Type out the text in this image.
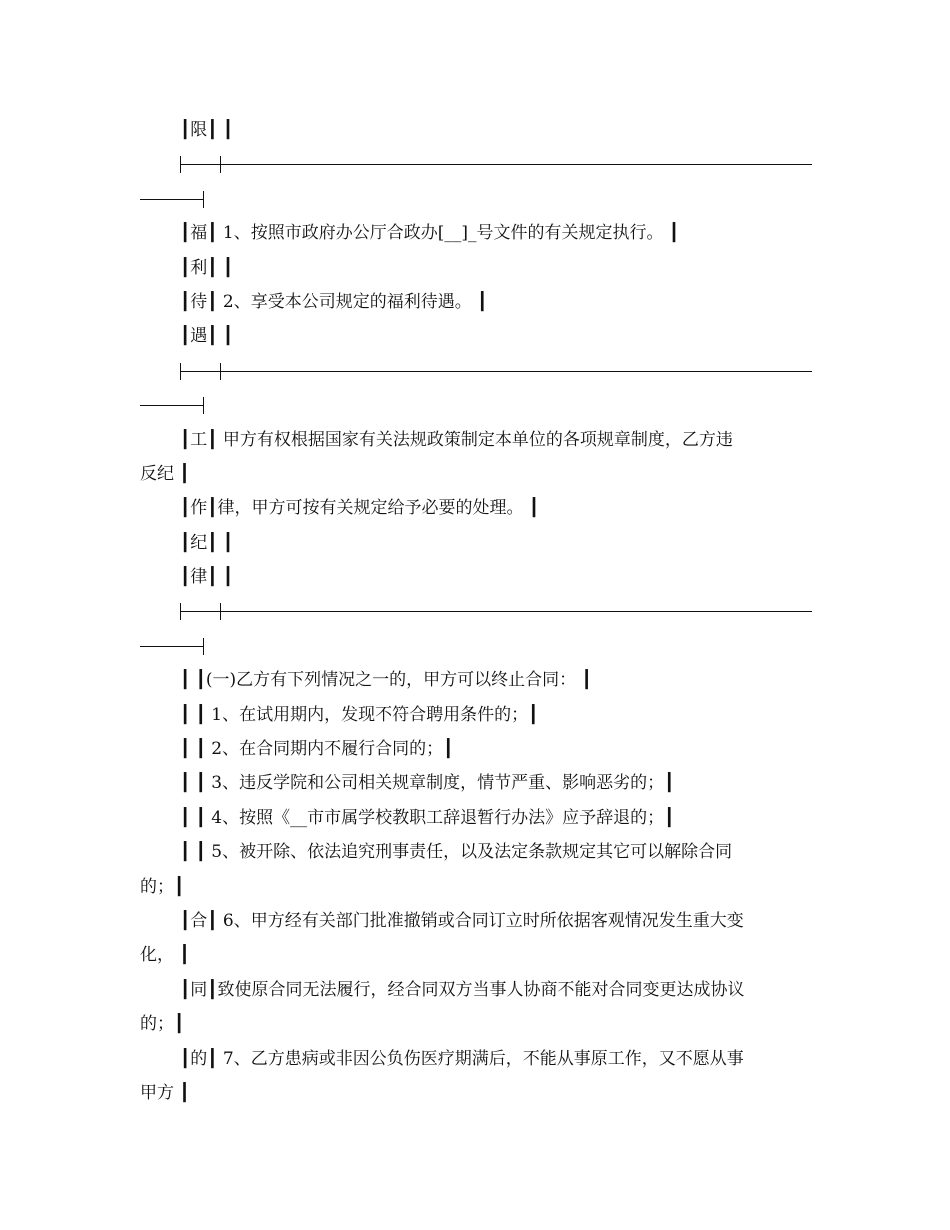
┃限┃ ┃
┃福┃ 1、按照市政府办公厅合政办[__]_号文件的有关规定执行。 ┃
┃利┃ ┃
┃待┃ 2、享受本公司规定的福利待遇。 ┃
┃遇┃ ┃
┃工┃ 甲方有权根据国家有关法规政策制定本单位的各项规章制度，乙方违
反纪 ┃
┃作┃律，甲方可按有关规定给予必要的处理。 ┃
┃纪┃ ┃
┃律┃ ┃
┃ ┃(一)乙方有下列情况之一的，甲方可以终止合同： ┃
┃ ┃ 1、在试用期内，发现不符合聘用条件的；┃
┃ ┃ 2、在合同期内不履行合同的；┃
┃ ┃ 3、违反学院和公司相关规章制度，情节严重、影响恶劣的；┃
┃ ┃ 4、按照《__市市属学校教职工辞退暂行办法》应予辞退的；┃
┃ ┃ 5、被开除、依法追究刑事责任，以及法定条款规定其它可以解除合同
的；┃
┃合┃ 6、甲方经有关部门批准撤销或合同订立时所依据客观情况发生重大变
化， ┃
┃同┃致使原合同无法履行，经合同双方当事人协商不能对合同变更达成协议
的；┃
┃的┃ 7、乙方患病或非因公负伤医疗期满后，不能从事原工作，又不愿从事
甲方 ┃
